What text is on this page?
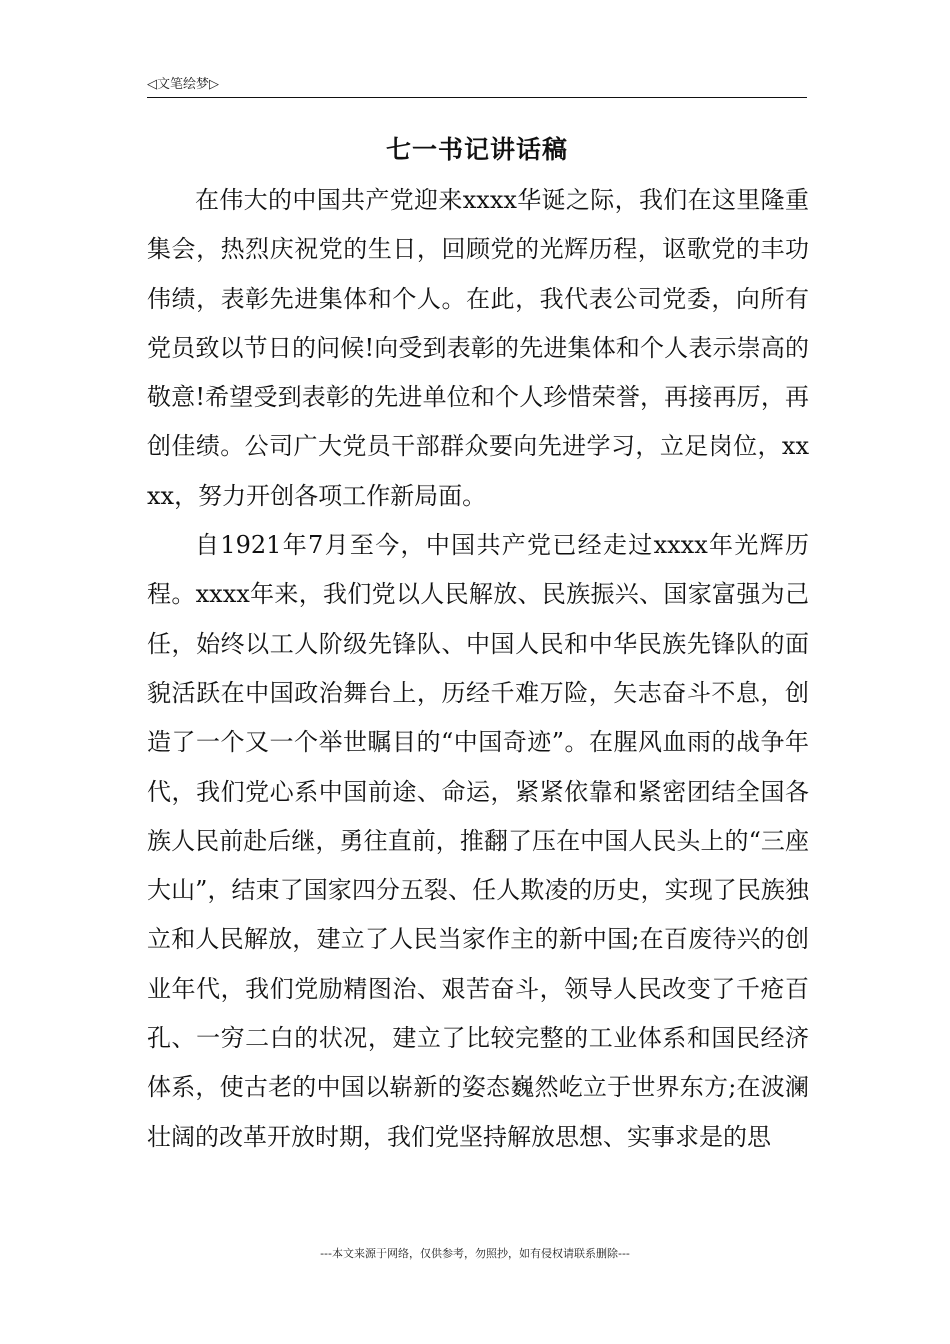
◁文笔绘梦▷
七一书记讲话稿

在伟大的中国共产党迎来xxxx华诞之际，我们在这里隆重集会，热烈庆祝党的生日，回顾党的光辉历程，讴歌党的丰功伟绩，表彰先进集体和个人。在此，我代表公司党委，向所有党员致以节日的问候!向受到表彰的先进集体和个人表示崇高的敬意!希望受到表彰的先进单位和个人珍惜荣誉，再接再厉，再创佳绩。公司广大党员干部群众要向先进学习，立足岗位，xxxx，努力开创各项工作新局面。

自1921年7月至今，中国共产党已经走过xxxx年光辉历程。xxxx年来，我们党以人民解放、民族振兴、国家富强为己任，始终以工人阶级先锋队、中国人民和中华民族先锋队的面貌活跃在中国政治舞台上，历经千难万险，矢志奋斗不息，创造了一个又一个举世瞩目的“中国奇迹”。在腥风血雨的战争年代，我们党心系中国前途、命运，紧紧依靠和紧密团结全国各族人民前赴后继，勇往直前，推翻了压在中国人民头上的“三座大山”，结束了国家四分五裂、任人欺凌的历史，实现了民族独立和人民解放，建立了人民当家作主的新中国;在百废待兴的创业年代，我们党励精图治、艰苦奋斗，领导人民改变了千疮百孔、一穷二白的状况，建立了比较完整的工业体系和国民经济体系，使古老的中国以崭新的姿态巍然屹立于世界东方;在波澜壮阔的改革开放时期，我们党坚持解放思想、实事求是的思

---本文来源于网络，仅供参考，勿照抄，如有侵权请联系删除---
